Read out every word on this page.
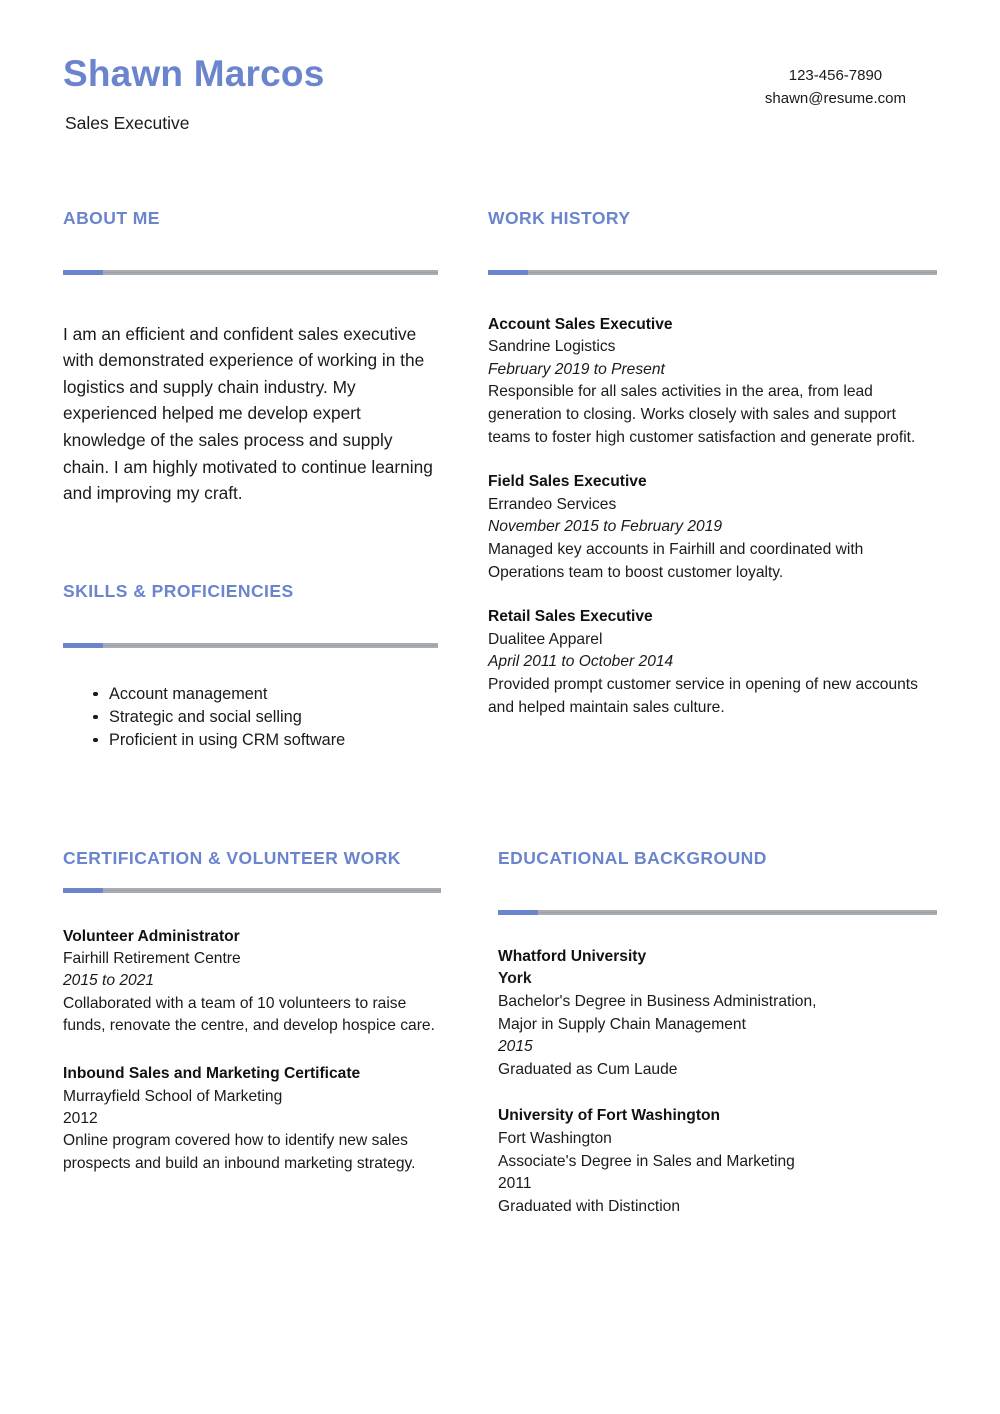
Shawn Marcos
Sales Executive
123-456-7890
shawn@resume.com
ABOUT ME

I am an efficient and confident sales executive with demonstrated experience of working in the logistics and supply chain industry. My experienced helped me develop expert knowledge of the sales process and supply chain. I am highly motivated to continue learning and improving my craft.

SKILLS & PROFICIENCIES
Account management
Strategic and social selling
Proficient in using CRM software
WORK HISTORY
Account Sales Executive
Sandrine Logistics
February 2019 to Present
Responsible for all sales activities in the area, from lead generation to closing. Works closely with sales and support teams to foster high customer satisfaction and generate profit.
Field Sales Executive
Errandeo Services
November 2015 to February 2019
Managed key accounts in Fairhill and coordinated with Operations team to boost customer loyalty.
Retail Sales Executive
Dualitee Apparel
April 2011 to October 2014
Provided prompt customer service in opening of new accounts and helped maintain sales culture.
CERTIFICATION & VOLUNTEER WORK
Volunteer Administrator
Fairhill Retirement Centre
2015 to 2021
Collaborated with a team of 10 volunteers to raise funds, renovate the centre, and develop hospice care.
Inbound Sales and Marketing Certificate
Murrayfield School of Marketing
2012
Online program covered how to identify new sales prospects and build an inbound marketing strategy.
EDUCATIONAL BACKGROUND
Whatford University
York
Bachelor's Degree in Business Administration,
Major in Supply Chain Management
2015
Graduated as Cum Laude
University of Fort Washington
Fort Washington
Associate's Degree in Sales and Marketing
2011
Graduated with Distinction
